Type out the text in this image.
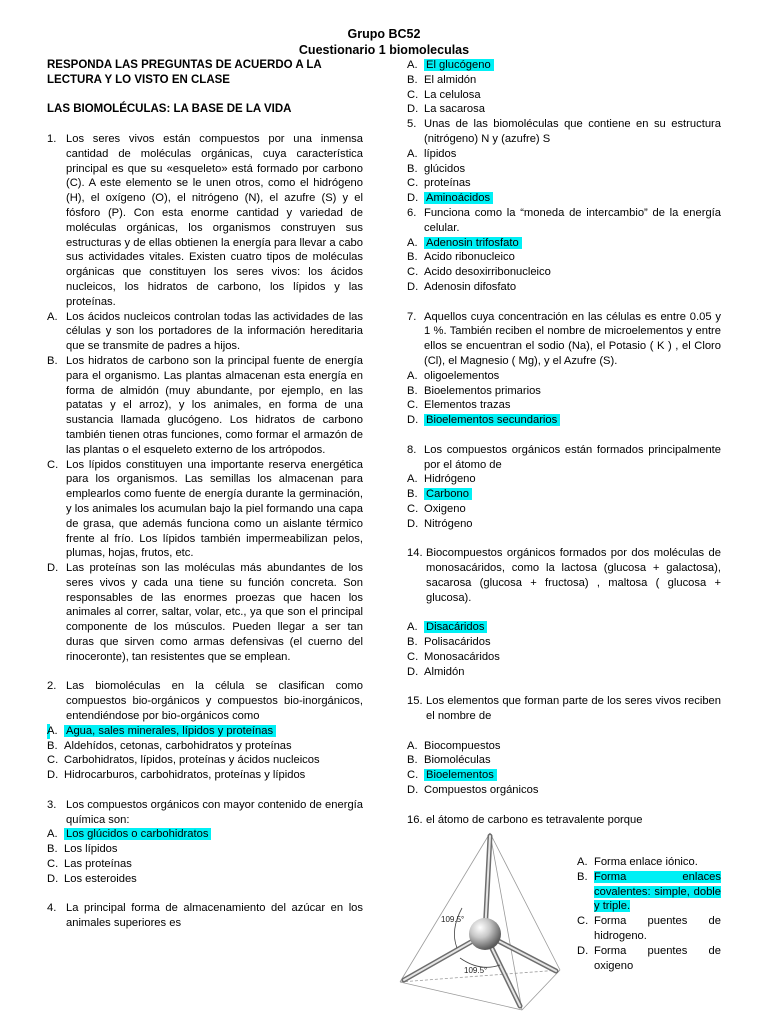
Grupo BC52
Cuestionario 1 biomoleculas
RESPONDA LAS PREGUNTAS DE ACUERDO A LA LECTURA Y LO VISTO EN CLASE
LAS BIOMOLÉCULAS: LA BASE DE LA VIDA
1. Los seres vivos están compuestos por una inmensa cantidad de moléculas orgánicas, cuya característica principal es que su «esqueleto» está formado por carbono (C). A este elemento se le unen otros, como el hidrógeno (H), el oxígeno (O), el nitrógeno (N), el azufre (S) y el fósforo (P). Con esta enorme cantidad y variedad de moléculas orgánicas, los organismos construyen sus estructuras y de ellas obtienen la energía para llevar a cabo sus actividades vitales. Existen cuatro tipos de moléculas orgánicas que constituyen los seres vivos: los ácidos nucleicos, los hidratos de carbono, los lípidos y las proteínas.
A. Los ácidos nucleicos controlan todas las actividades de las células y son los portadores de la información hereditaria que se transmite de padres a hijos.
B. Los hidratos de carbono son la principal fuente de energía para el organismo. Las plantas almacenan esta energía en forma de almidón (muy abundante, por ejemplo, en las patatas y el arroz), y los animales, en forma de una sustancia llamada glucógeno. Los hidratos de carbono también tienen otras funciones, como formar el armazón de las plantas o el esqueleto externo de los artrópodos.
C. Los lípidos constituyen una importante reserva energética para los organismos. Las semillas los almacenan para emplearlos como fuente de energía durante la germinación, y los animales los acumulan bajo la piel formando una capa de grasa, que además funciona como un aislante térmico frente al frío. Los lípidos también impermeabilizan pelos, plumas, hojas, frutos, etc.
D. Las proteínas son las moléculas más abundantes de los seres vivos y cada una tiene su función concreta. Son responsables de las enormes proezas que hacen los animales al correr, saltar, volar, etc., ya que son el principal componente de los músculos. Pueden llegar a ser tan duras que sirven como armas defensivas (el cuerno del rinoceronte), tan resistentes que se emplean.
2. Las biomoléculas en la célula se clasifican como compuestos bio-orgánicos y compuestos bio-inorgánicos, entendiéndose por bio-orgánicos como

A. Agua, sales minerales, lípidos y proteínas
B. Aldehídos, cetonas, carbohidratos y proteínas
C. Carbohidratos, lípidos, proteínas y ácidos nucleicos
D. Hidrocarburos, carbohidratos, proteínas y lípidos
3. Los compuestos orgánicos con mayor contenido de energía química son:
A. Los glúcidos o carbohidratos
B. Los lípidos
C. Las proteínas
D. Los esteroides
4. La principal forma de almacenamiento del azúcar en los animales superiores es
A. El glucógeno
B. El almidón
C. La celulosa
D. La sacarosa
5. Unas de las biomoléculas que contiene en su estructura (nitrógeno) N y (azufre) S
A. lípidos
B. glúcidos
C. proteínas
D. Aminoácidos
6. Funciona como la “moneda de intercambio” de la energía celular.
A. Adenosin trifosfato
B. Acido ribonucleico
C. Acido desoxirribonucleico
D. Adenosin difosfato
7. Aquellos cuya concentración en las células es entre 0.05 y 1 %. También reciben el nombre de microelementos y entre ellos se encuentran el sodio (Na), el Potasio ( K ) , el Cloro (Cl), el Magnesio ( Mg), y el Azufre (S).
A. oligoelementos
B. Bioelementos primarios
C. Elementos trazas
D. Bioelementos secundarios
8. Los compuestos orgánicos están formados principalmente por el átomo de
A. Hidrógeno
B. Carbono
C. Oxigeno
D. Nitrógeno
14. Biocompuestos orgánicos formados por dos moléculas de monosacáridos, como la lactosa (glucosa + galactosa), sacarosa (glucosa + fructosa) , maltosa ( glucosa + glucosa).
A. Disacáridos
B. Polisacáridos
C. Monosacáridos
D. Almidón
15. Los elementos que forman parte de los seres vivos reciben el nombre de
A. Biocompuestos
B. Biomoléculas
C. Bioelementos
D. Compuestos orgánicos
16. el átomo de carbono es tetravalente porque
109.5°
109.5°
A. Forma enlace iónico.
B. Forma enlaces covalentes: simple, doble y triple.
C. Forma puentes de hidrogeno.
D. Forma puentes de oxigeno
